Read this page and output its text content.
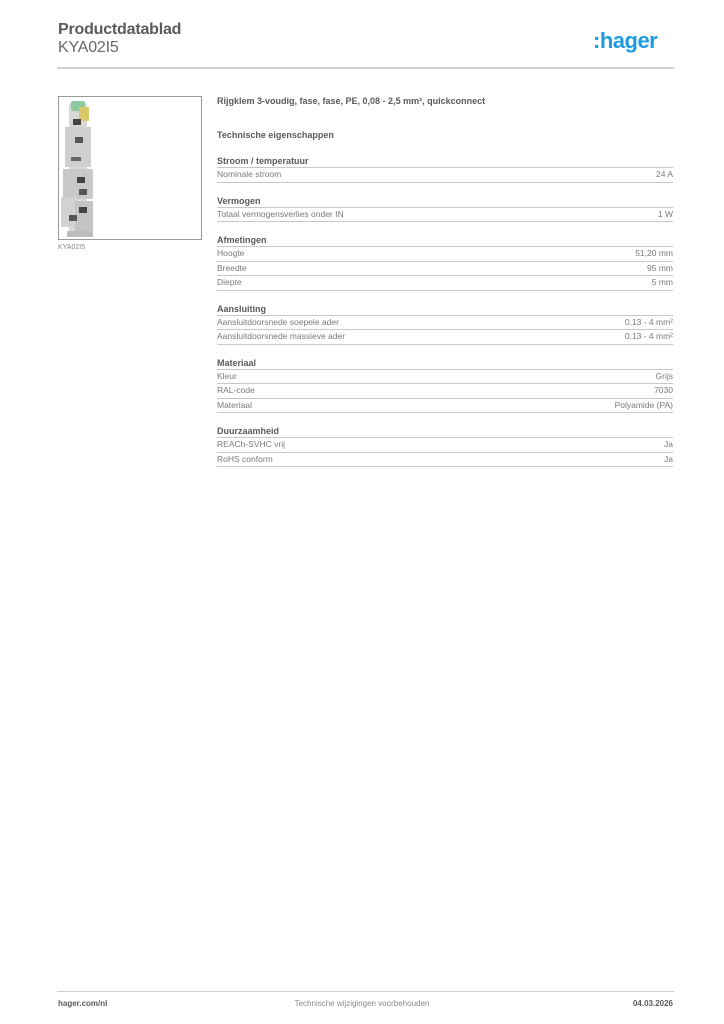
Productdatablad
KYA02I5	:hager
KYA02I5
Rijgklem 3-voudig, fase, fase, PE, 0,08 - 2,5 mm², quickconnect
Technische eigenschappen
Stroom / temperatuur
Nominale stroom	24 A
Vermogen
Totaal vermogensverlies onder IN	1 W
Afmetingen
Hoogte	51,20 mm
Breedte	95 mm
Diepte	5 mm
Aansluiting
Aansluitdoorsnede soepele ader	0.13 - 4 mm²
Aansluitdoorsnede massieve ader	0.13 - 4 mm²
Materiaal
Kleur	Grijs
RAL-code	7030
Materiaal	Polyamide (PA)
Duurzaamheid
REACh-SVHC vrij	Ja
RoHS conform	Ja
hager.com/nl	Technische wijzigingen voorbehouden	04.03.2026
